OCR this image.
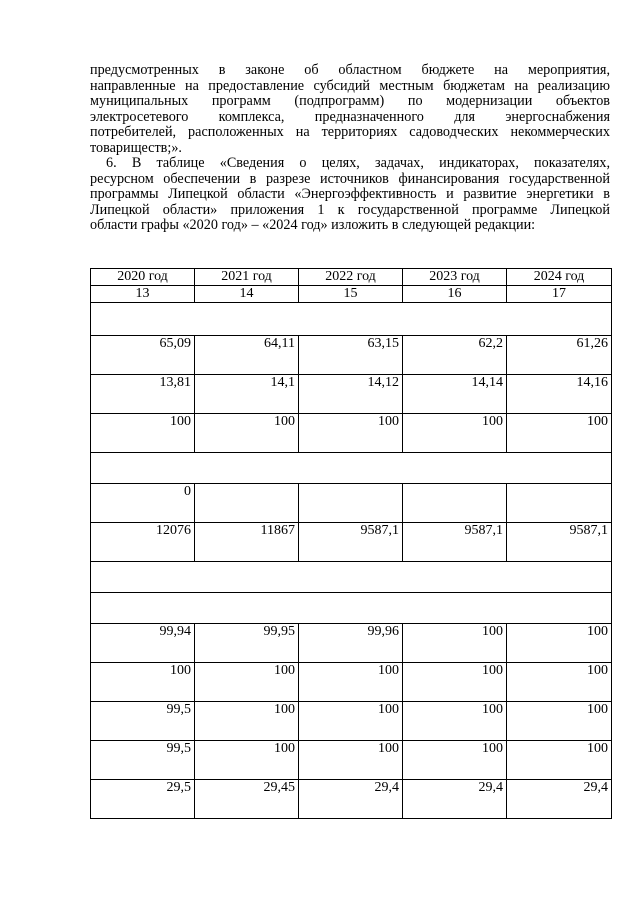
предусмотренных в законе об областном бюджете на мероприятия,
направленные на предоставление субсидий местным бюджетам на реализацию
муниципальных программ (подпрограмм) по модернизации объектов
электросетевого комплекса, предназначенного для энергоснабжения
потребителей, расположенных на территориях садоводческих некоммерческих
товариществ;».
6. В таблице «Сведения о целях, задачах, индикаторах, показателях,
ресурсном обеспечении в разрезе источников финансирования государственной
программы Липецкой области «Энергоэффективность и развитие энергетики в
Липецкой области» приложения 1 к государственной программе Липецкой
области графы «2020 год» – «2024 год» изложить в следующей редакции:
2020 год	2021 год	2022 год	2023 год	2024 год
13	14	15	16	17

65,09	64,11	63,15	62,2	61,26
13,81	14,1	14,12	14,14	14,16
100	100	100	100	100

0				
12076	11867	9587,1	9587,1	9587,1

99,94	99,95	99,96	100	100
100	100	100	100	100
99,5	100	100	100	100
99,5	100	100	100	100
29,5	29,45	29,4	29,4	29,4
